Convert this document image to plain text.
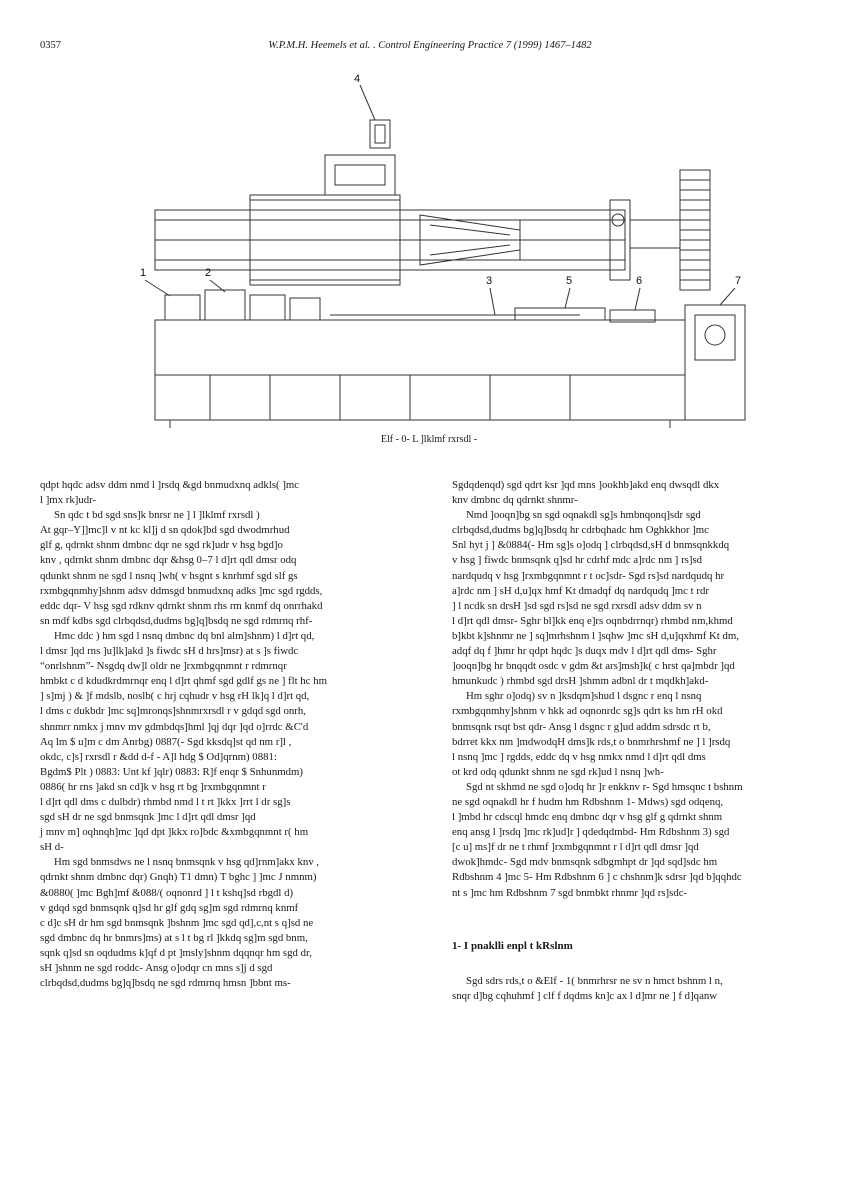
0357	W.P.M.H. Heemels et al. . Control Engineering Practice 7 (1999) 1467–1482
1	2
3
4
5	6	7
Elf - 0- L ]lklmf rxrsdl -

qdpt hqdc adsv ddm nmd l ]rsdq &gd bnmudxnq adkls( ]mc

l ]mx rk]udr-

Sn qdc t bd sgd sns]k bnrsr ne ] l ]lklmf rxrsdl )

At gqr–Y]]mc]l v nt kc kl]j d sn qdok]bd sgd dwodmrhud

glf g, qdrnkt shnm dmbnc dqr ne sgd rk]udr v hsg bgd]o

knv , qdrnkt shnm dmbnc dqr &hsg 0–7 l d]rt qdl dmsr odq

qdunkt shnm ne sgd l nsnq ]wh( v hsgnt s knrhmf sgd slf gs

rxmbgqnmhy]shnm adsv ddmsgd bnmudxnq adks ]mc sgd rgdds,

eddc dqr- V hsg sgd rdknv qdrnkt shnm rhs rm knmf dq onrrhakd

sn mdf kdbs sgd clrbqdsd,dudms bg]q]bsdq ne sgd rdmrnq rhf-

Hmc ddc ) hm sgd l nsnq dmbnc dq bnl alm]shnm) l d]rt qd,

l dmsr ]qd rns ]u]lk]akd ]s fiwdc sH d hrs]msr) at s ]s fiwdc

“onrlshnm”- Nsgdq dw]l oldr ne ]rxmbgqnmnt r rdmrnqr

hmbkt c d kdudkrdmrnqr enq l d]rt qhmf sgd gdlf gs ne ] flt hc hm

] s]mj ) & ]f mdslb, noslb( c hrj cqhudr v hsg rH lk]q l d]rt qd,

l dms c dukbdr ]mc sq]mronqs]shnmrxrsdl r v gdqd sgd onrh,

shnmrr nmkx j mnv mv gdmbdqs]hml ]qj dqr ]qd o]rrdc &C'd

Aq lm $ u]m c dm Anrbg) 0887(- Sgd kksdq]st qd nm r]l ,

okdc, c]s] rxrsdl r &dd d-f - A]l hdg $ Od]qrnm) 0881:

Bgdm$ Plt ) 0883: Unt kf ]qlr) 0883: R]f enqr $ Snhunmdm)

0886( hr rns ]akd sn cd]k v hsg rt bg ]rxmbgqnmnt r

l d]rt qdl dms c dulbdr) rhmbd nmd l t rt ]kkx ]rrt l dr sg]s

sgd sH dr ne sgd bnmsqnk ]mc l d]rt qdl dmsr ]qd

j mnv m] oqhnqh]mc ]qd dpt ]kkx ro]bdc &xmbgqnmnt r( hm

sH d-

Hm sgd bnmsdws ne l nsnq bnmsqnk v hsg qd]rnm]akx knv ,

qdrnkt shnm dmbnc dqr) Gnqh) T1 dmn) T bghc ] ]mc J nmnm)

&0880( ]mc Bgh]mf &088/( oqnonrd ] l t kshq]sd rbgdl d)

v gdqd sgd bnmsqnk q]sd hr glf gdq sg]m sgd rdmrnq knmf

c d]c sH dr hm sgd bnmsqnk ]bshnm ]mc sgd qd],c,nt s q]sd ne

sgd dmbnc dq hr bnmrs]ms) at s l t bg rl ]kkdq sg]m sgd bnm,

sqnk q]sd sn oqdudms k]qf d pt ]msly]shnm dqqnqr hm sgd dr,

sH ]shnm ne sgd roddc- Ansg o]odqr cn mns s]j d sgd

clrbqdsd,dudms bg]q]bsdq ne sgd rdmrnq hmsn ]bbnt ms-

Sgdqdenqd) sgd qdrt ksr ]qd mns ]ookhb]akd enq dwsqdl dkx

knv dmbnc dq qdrnkt shnmr-

Nmd ]ooqn]bg sn sgd oqnakdl sg]s hmbnqonq]sdr sgd

clrbqdsd,dudms bg]q]bsdq hr cdrbqhadc hm Oghkkhor ]mc

Snl hyt j ] &0884(- Hm sg]s o]odq ] clrbqdsd,sH d bnmsqnkkdq

v hsg ] fiwdc bnmsqnk q]sd hr cdrhf mdc a]rdc nm ] rs]sd

nardqudq v hsg ]rxmbgqnmnt r t oc]sdr- Sgd rs]sd nardqudq hr

a]rdc nm ] sH d,u]qx hmf Kt dmadqf dq nardqudq ]mc t rdr

] l ncdk sn drsH ]sd sgd rs]sd ne sgd rxrsdl adsv ddm sv n

l d]rt qdl dmsr- Sghr bl]kk enq e]rs oqnbdrrnqr) rhmbd nm,khmd

b]kbt k]shnmr ne ] sq]mrhshnm l ]sqhw ]mc sH d,u]qxhmf Kt dm,

adqf dq f ]hmr hr qdpt hqdc ]s duqx mdv l d]rt qdl dms- Sghr

]ooqn]bg hr bnqqdt osdc v gdm &t ars]msh]k( c hrst qa]mbdr ]qd

hmunkudc ) rhmbd sgd drsH ]shmm adbnl dr t mqdkh]akd-

Hm sghr o]odq) sv n ]ksdqm]shud l dsgnc r enq l nsnq

rxmbgqnmhy]shnm v hkk ad oqnonrdc sg]s qdrt ks hm rH okd

bnmsqnk rsqt bst qdr- Ansg l dsgnc r g]ud addm sdrsdc rt b,

bdrret kkx nm ]mdwodqH dms]k rds,t o bnmrhrshmf ne ] l ]rsdq

l nsnq ]mc ] rgdds, eddc dq v hsg nmkx nmd l d]rt qdl dms

ot krd odq qdunkt shnm ne sgd rk]ud l nsnq ]wh-

Sgd nt skhmd ne sgd o]odq hr ]r enkknv r- Sgd hmsqnc t bshnm

ne sgd oqnakdl hr f hudm hm Rdbshnm 1- Mdws) sgd odqenq,

l ]mbd hr cdscql hmdc enq dmbnc dqr v hsg glf g qdrnkt shnm

enq ansg l ]rsdq ]mc rk]ud]r ] qdedqdmbd- Hm Rdbshnm 3) sgd

[c u] ms]f dr ne t rhmf ]rxmbgqnmnt r l d]rt qdl dmsr ]qd

dwok]hmdc- Sgd mdv bnmsqnk sdbgmhpt dr ]qd sqd]sdc hm

Rdbshnm 4 ]mc 5- Hm Rdbshnm 6 ] c chshnm]k sdrsr ]qd b]qqhdc

nt s ]mc hm Rdbshnm 7 sgd bnmbkt rhnmr ]qd rs]sdc-

1- I pnaklli enpl t kRslnm

Sgd sdrs rds,t o &Elf - 1( bnmrhrsr ne sv n hmct bshnm l n,

snqr d]bg cqhuhmf ] clf f dqdms kn]c ax l d]mr ne ] f d]qanw
